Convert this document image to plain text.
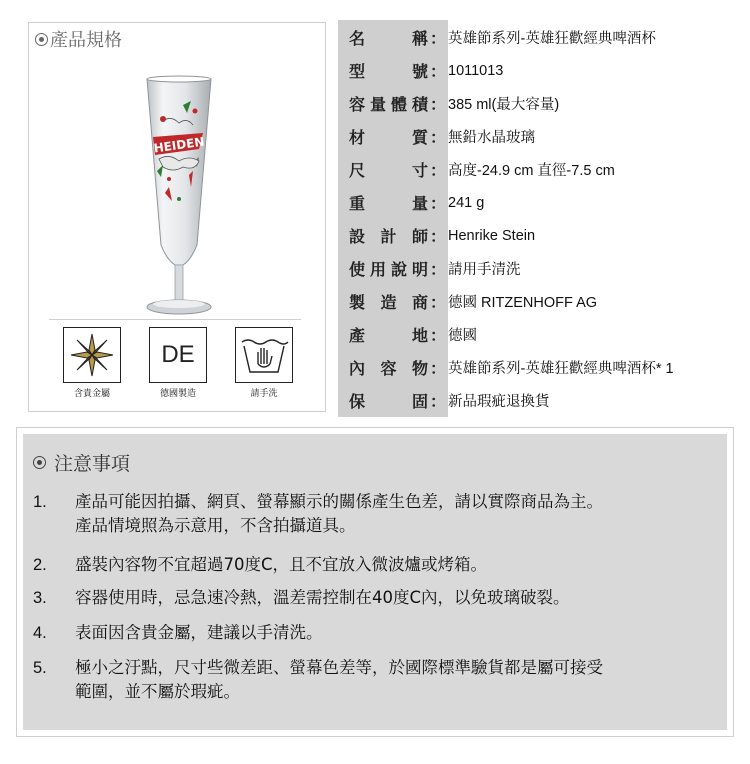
產品規格
HEIDEN
含貴金屬
DE
德國製造	請手洗
名	稱 ： 英雄節系列-英雄狂歡經典啤酒杯
型	號 ： 1011013
容 量 體 積 ： 385 ml(最大容量)
材	質 ： 無鉛水晶玻璃
尺	寸 ： 高度-24.9 cm 直徑-7.5 cm
重	量 ： 241 g
設 計 師 ： Henrike Stein
使 用 說 明 ： 請用手清洗
製 造 商 ： 德國 RITZENHOFF AG
產	地 ： 德國
內 容 物 ： 英雄節系列-英雄狂歡經典啤酒杯* 1
保	固 ： 新品瑕疵退換貨
注意事項
1.	產品可能因拍攝、網頁、螢幕顯示的關係產生色差，請以實際商品為主。
產品情境照為示意用，不含拍攝道具。
2.	盛裝內容物不宜超過70度C，且不宜放入微波爐或烤箱。
3.	容器使用時，忌急速冷熱，溫差需控制在40度C內，以免玻璃破裂。
4.	表面因含貴金屬，建議以手清洗。
5.	極小之汙點，尺寸些微差距、螢幕色差等，於國際標準驗貨都是屬可接受
範圍，並不屬於瑕疵。
